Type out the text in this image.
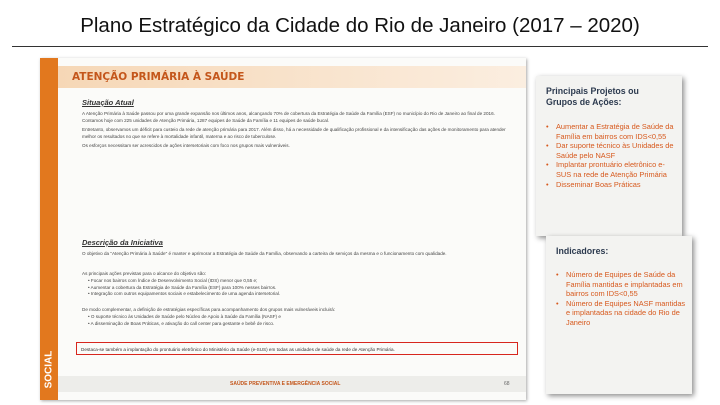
Plano Estratégico da Cidade do Rio de Janeiro (2017 – 2020)
SOCIAL
ATENÇÃO PRIMÁRIA À SAÚDE
Situação Atual

A Atenção Primária à Saúde passou por uma grande expansão nos últimos anos, alcançando 70% de cobertura da Estratégia de Saúde da Família (ESF) no município do Rio de Janeiro ao final de 2016. Contamos hoje com 225 unidades de Atenção Primária, 1287 equipes de Saúde da Família e 11 equipes de saúde bucal.

Entretanto, observamos um déficit para custeio da rede de atenção primária para 2017. Além disso, há a necessidade de qualificação profissional e da intensificação das ações de monitoramento para atender melhor os resultados no que se refere à mortalidade infantil, materna e ao risco de tuberculose.

Os esforços necessitam ser acrescidos de ações intersetoriais com foco nos grupos mais vulneráveis.

Descrição da Iniciativa
O objetivo da "Atenção Primária à Saúde" é manter e aprimorar a Estratégia de Saúde da Família, observando a carteira de serviços da mesma e o funcionamento com qualidade.
As principais ações previstas para o alcance do objetivo são:
• Focar nos bairros com Índice de Desenvolvimento Social (IDS) menor que 0,55 e;
• Aumentar a cobertura da Estratégia de Saúde da Família (ESF) para 100% nesses bairros.
• Integração com outros equipamentos sociais e estabelecimento de uma agenda intersetorial.
De modo complementar, a definição de estratégias específicas para acompanhamento dos grupos mais vulneráveis incluirá:
• O suporte técnico às Unidades de Saúde pelo Núcleo de Apoio à Saúde da Família (NASF) e
• A disseminação de Boas Práticas, e ativação do call center para gestante e bebê de risco.
Destaca-se também a implantação do prontuário eletrônico do Ministério da Saúde (e-SUS) em todas as unidades de saúde da rede de Atenção Primária.
SAÚDE PREVENTIVA E EMERGÊNCIA SOCIAL	68
Principais Projetos ou Grupos de Ações:
• Aumentar a Estratégia de Saúde da Família em bairros com IDS<0,55
• Dar suporte técnico às Unidades de Saúde pelo NASF
• Implantar prontuário eletrônico e-SUS na rede de Atenção Primária
• Disseminar Boas Práticas
Indicadores:
• Número de Equipes de Saúde da Família mantidas e implantadas em bairros com IDS<0,55
• Número de Equipes NASF mantidas e implantadas na cidade do Rio de Janeiro
